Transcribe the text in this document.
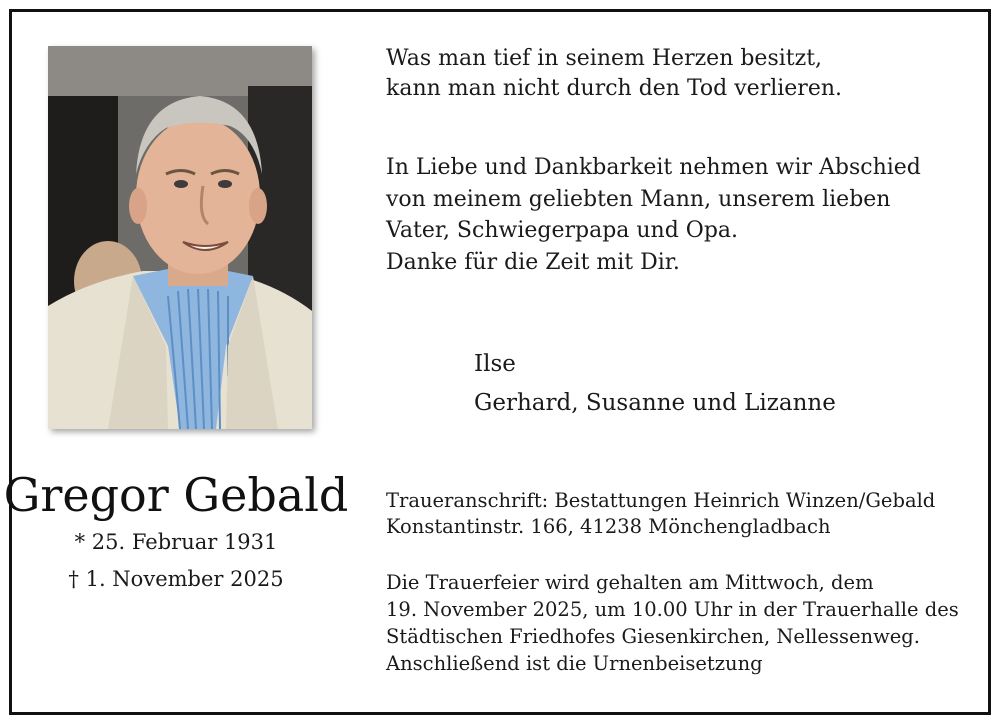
Was man tief in seinem Herzen besitzt,
kann man nicht durch den Tod verlieren.
In Liebe und Dankbarkeit nehmen wir Abschied
von meinem geliebten Mann, unserem lieben
Vater, Schwiegerpapa und Opa.
Danke für die Zeit mit Dir.
Ilse
Gerhard, Susanne und Lizanne
Gregor Gebald
* 25. Februar 1931
† 1. November 2025
Traueranschrift: Bestattungen Heinrich Winzen/Gebald
Konstantinstr. 166, 41238 Mönchengladbach
Die Trauerfeier wird gehalten am Mittwoch, dem
19. November 2025, um 10.00 Uhr in der Trauerhalle des
Städtischen Friedhofes Giesenkirchen, Nellessenweg.
Anschließend ist die Urnenbeisetzung
